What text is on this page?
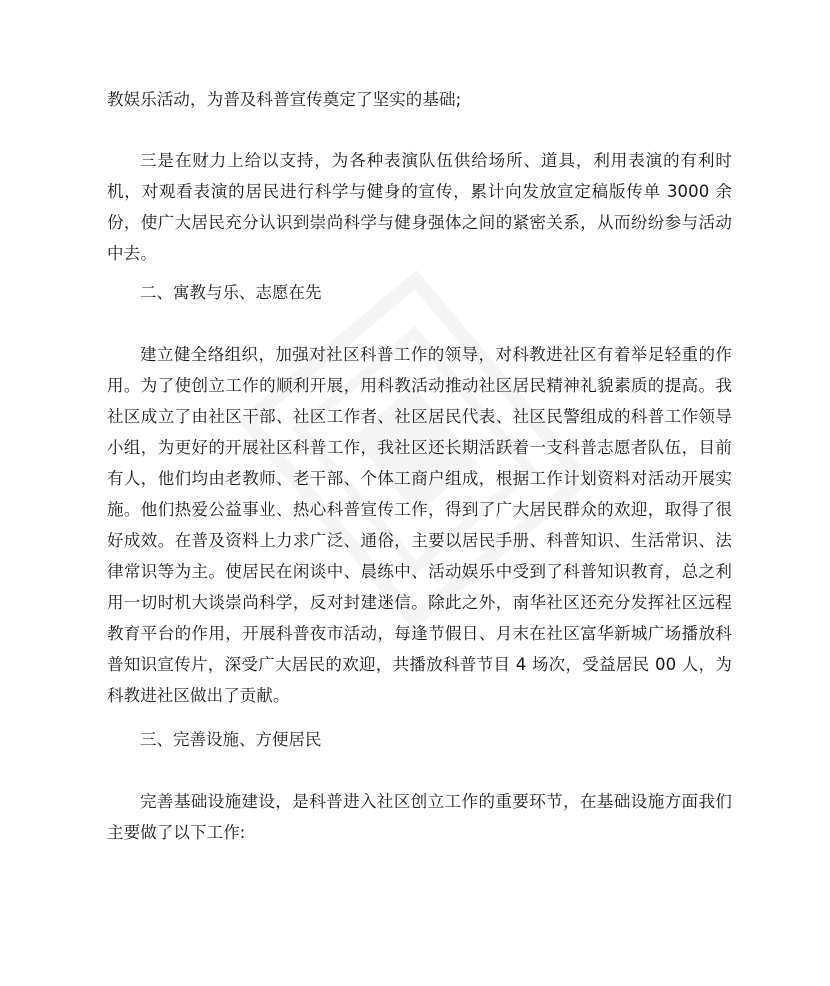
教娱乐活动，为普及科普宣传奠定了坚实的基础;

三是在财力上给以支持，为各种表演队伍供给场所、道具，利用表演的有利时机，对观看表演的居民进行科学与健身的宣传，累计向发放宣定稿版传单 3000 余份，使广大居民充分认识到崇尚科学与健身强体之间的紧密关系，从而纷纷参与活动中去。

二、寓教与乐、志愿在先

建立健全络组织，加强对社区科普工作的领导，对科教进社区有着举足轻重的作用。为了使创立工作的顺利开展，用科教活动推动社区居民精神礼貌素质的提高。我社区成立了由社区干部、社区工作者、社区居民代表、社区民警组成的科普工作领导小组，为更好的开展社区科普工作，我社区还长期活跃着一支科普志愿者队伍，目前有人，他们均由老教师、老干部、个体工商户组成，根据工作计划资料对活动开展实施。他们热爱公益事业、热心科普宣传工作，得到了广大居民群众的欢迎，取得了很好成效。在普及资料上力求广泛、通俗，主要以居民手册、科普知识、生活常识、法律常识等为主。使居民在闲谈中、晨练中、活动娱乐中受到了科普知识教育，总之利用一切时机大谈崇尚科学，反对封建迷信。除此之外，南华社区还充分发挥社区远程教育平台的作用，开展科普夜市活动，每逢节假日、月末在社区富华新城广场播放科普知识宣传片，深受广大居民的欢迎，共播放科普节目 4 场次，受益居民 00 人，为科教进社区做出了贡献。

三、完善设施、方便居民

完善基础设施建设，是科普进入社区创立工作的重要环节，在基础设施方面我们主要做了以下工作:
